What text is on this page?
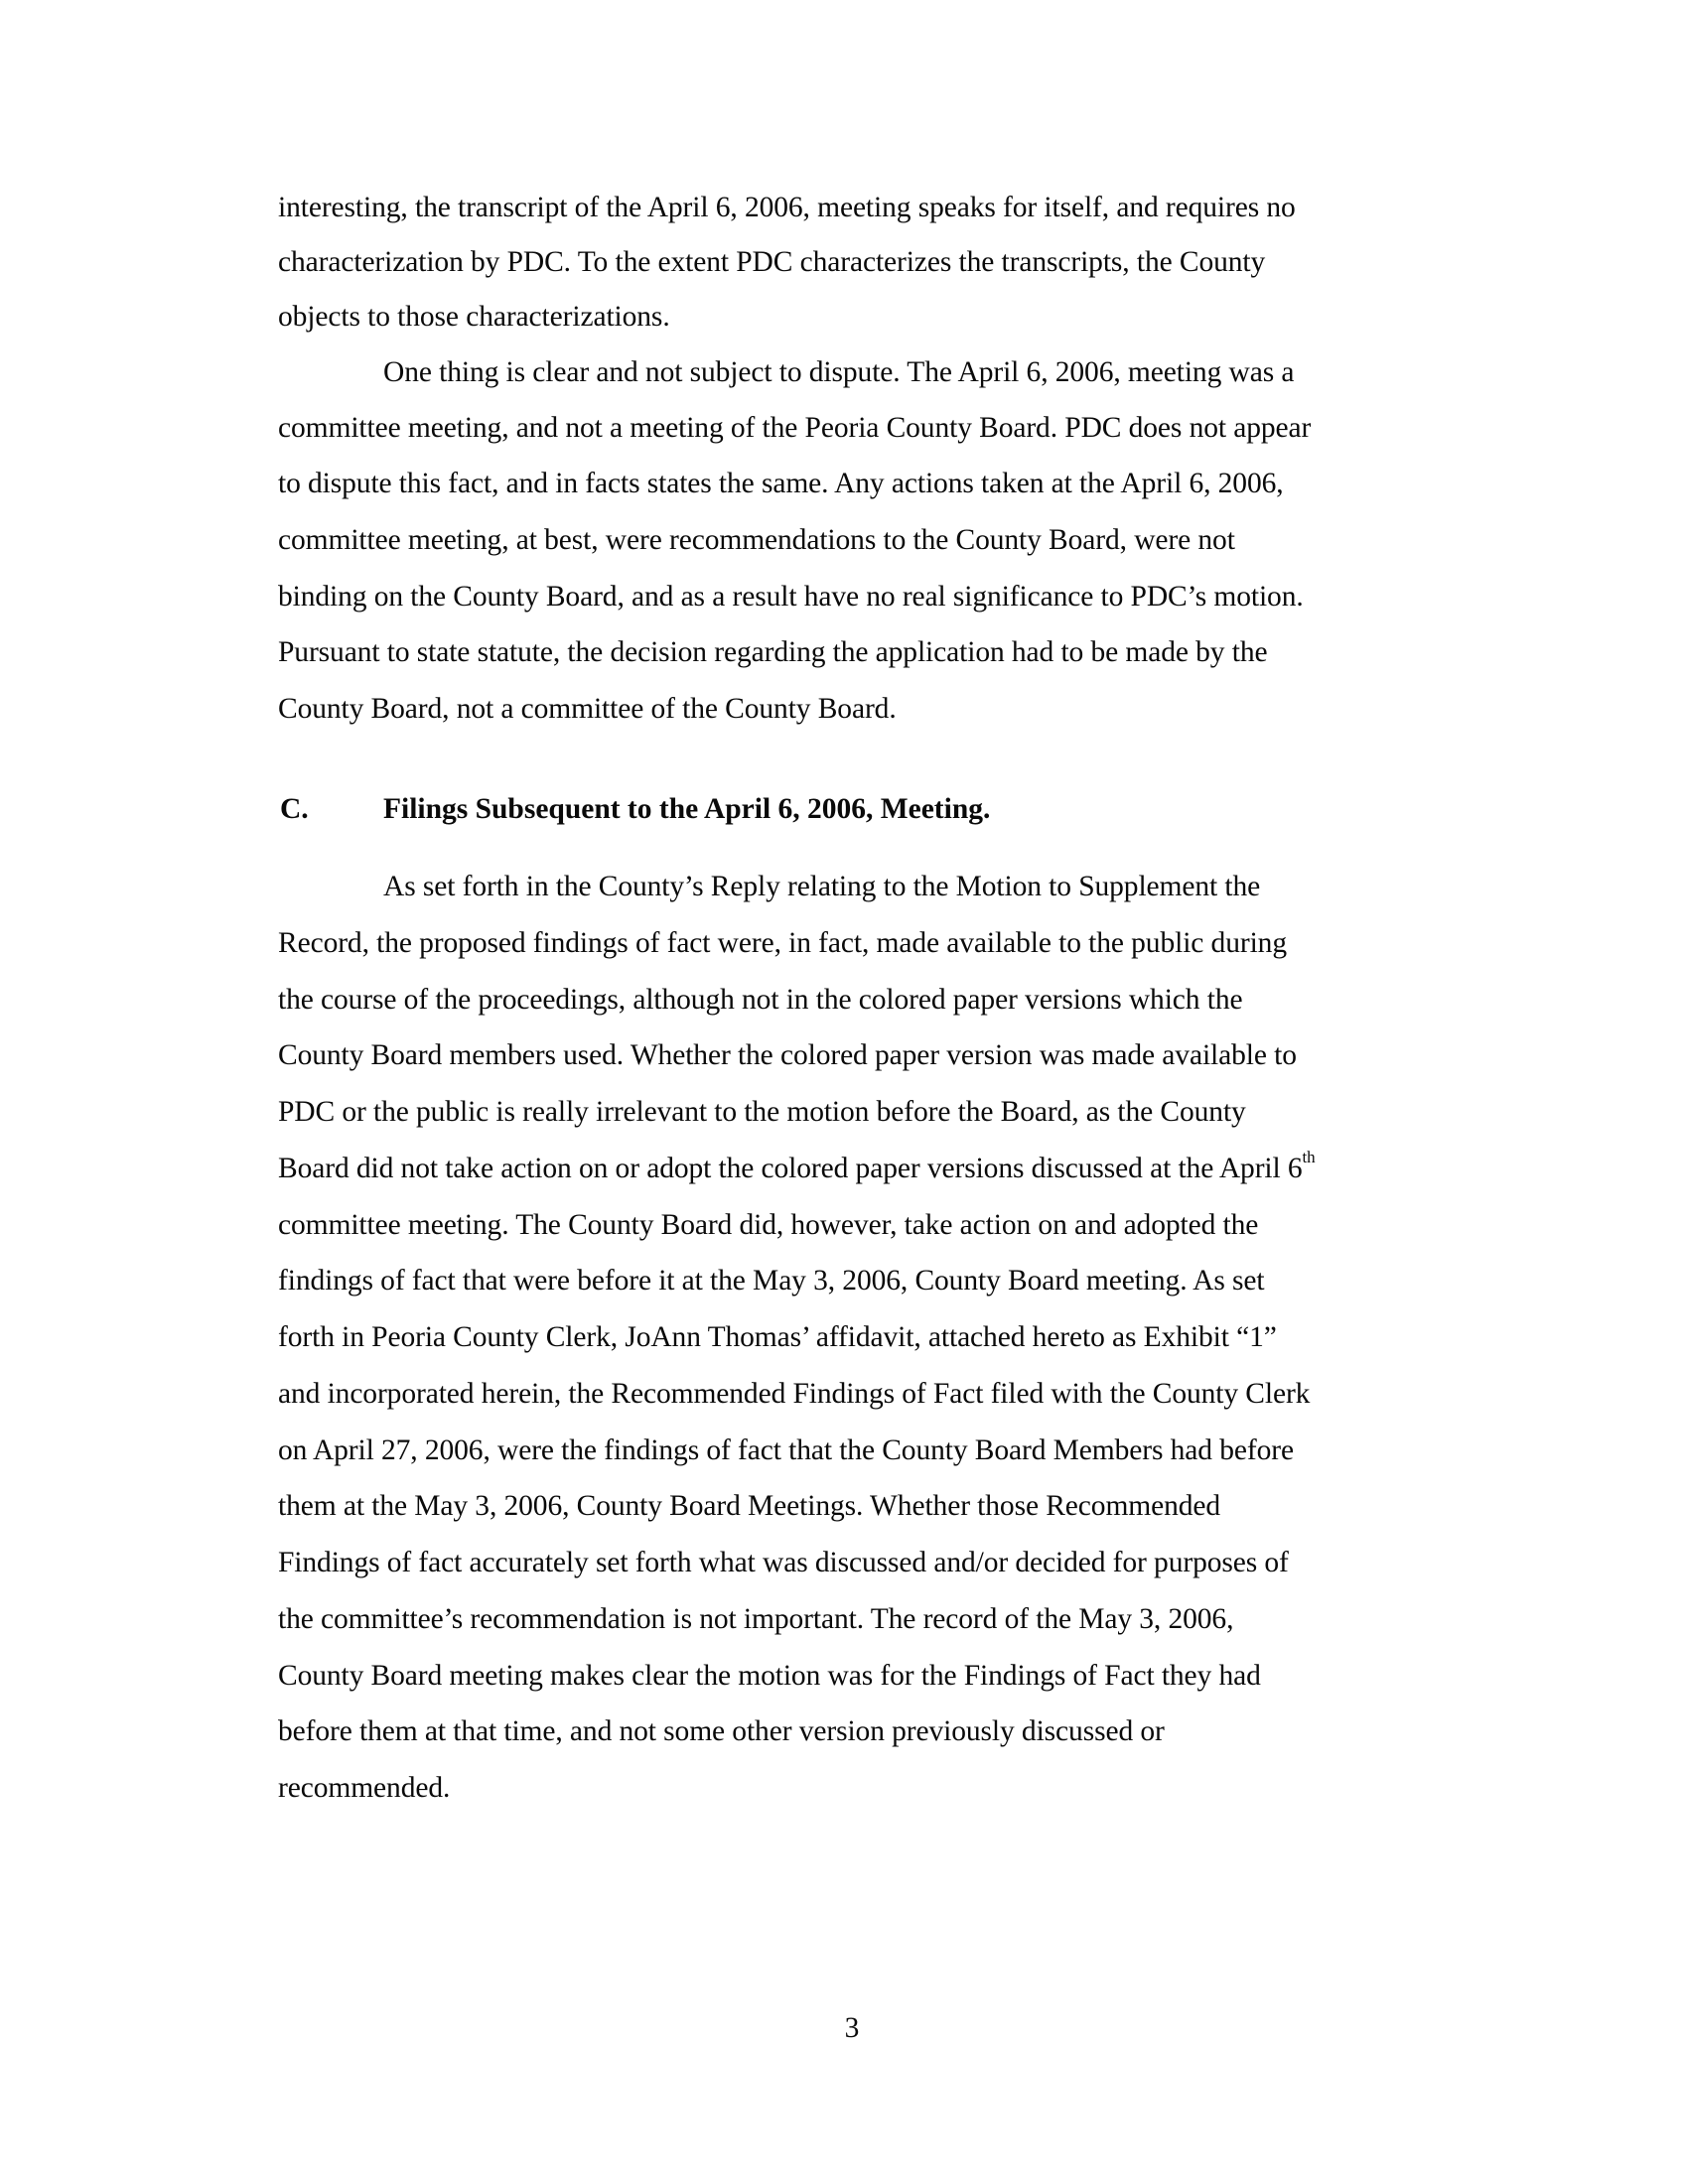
interesting, the transcript of the April 6, 2006, meeting speaks for itself, and requires no
characterization by PDC. To the extent PDC characterizes the transcripts, the County
objects to those characterizations.
One thing is clear and not subject to dispute. The April 6, 2006, meeting was a
committee meeting, and not a meeting of the Peoria County Board. PDC does not appear
to dispute this fact, and in facts states the same. Any actions taken at the April 6, 2006,
committee meeting, at best, were recommendations to the County Board, were not
binding on the County Board, and as a result have no real significance to PDC’s motion.
Pursuant to state statute, the decision regarding the application had to be made by the
County Board, not a committee of the County Board.
C.	Filings Subsequent to the April 6, 2006, Meeting.
As set forth in the County’s Reply relating to the Motion to Supplement the
Record, the proposed findings of fact were, in fact, made available to the public during
the course of the proceedings, although not in the colored paper versions which the
County Board members used. Whether the colored paper version was made available to
PDC or the public is really irrelevant to the motion before the Board, as the County
Board did not take action on or adopt the colored paper versions discussed at the April 6th
committee meeting. The County Board did, however, take action on and adopted the
findings of fact that were before it at the May 3, 2006, County Board meeting. As set
forth in Peoria County Clerk, JoAnn Thomas’ affidavit, attached hereto as Exhibit “1”
and incorporated herein, the Recommended Findings of Fact filed with the County Clerk
on April 27, 2006, were the findings of fact that the County Board Members had before
them at the May 3, 2006, County Board Meetings. Whether those Recommended
Findings of fact accurately set forth what was discussed and/or decided for purposes of
the committee’s recommendation is not important. The record of the May 3, 2006,
County Board meeting makes clear the motion was for the Findings of Fact they had
before them at that time, and not some other version previously discussed or
recommended.
3
